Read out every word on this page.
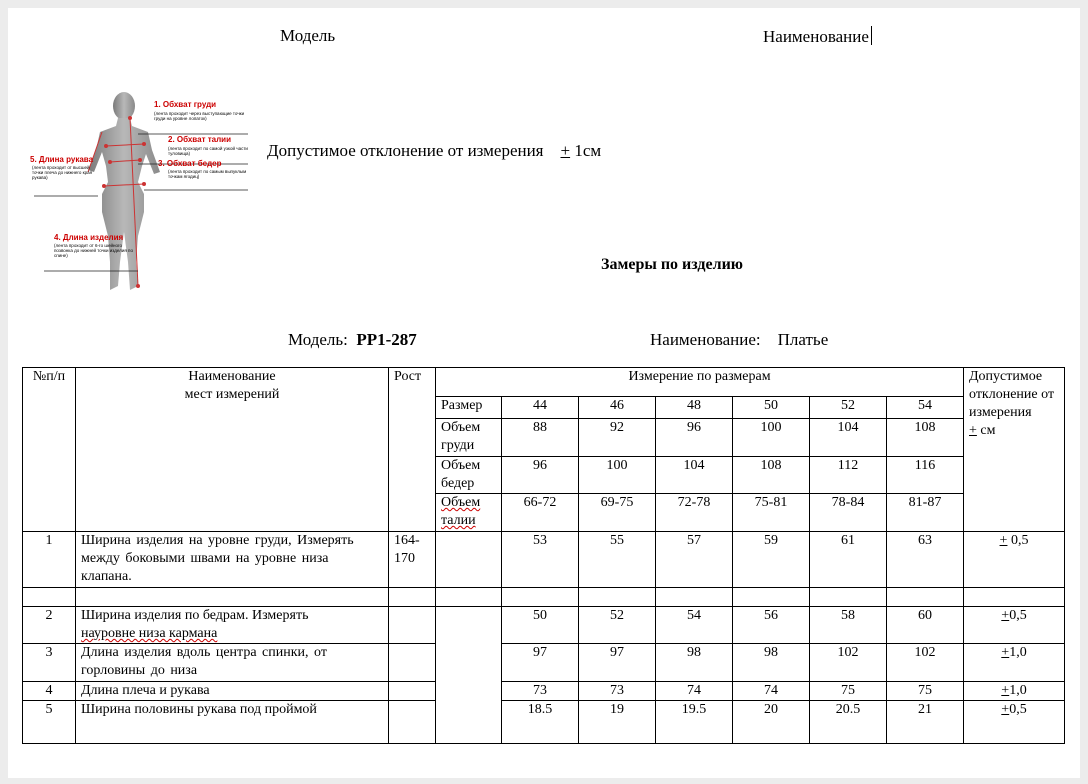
Модель	Наименование
1. Обхват груди
(лента проходит через выступающие точки груди на уровне лопаток)
2. Обхват талии
(лента проходит по самой узкой части туловища)
3. Обхват бедер
(лента проходит по самым выпуклым точкам ягодиц)
5. Длина рукава
(лента проходит от высшей точки плеча до нижнего края рукава)
4. Длина изделия
(лента проходит от 6-го шейного позвонка до нижней точки изделия по спине)
Допустимое отклонение от измерения + 1см
Замеры по изделию
Модель: PP1-287	Наименование: Платье
№п/п	Наименование мест измерений	Рост	Измерение по размерам							Допустимое отклонение от измерения
+ см
			Размер	44	46	48	50	52	54	
			Объем груди	88	92	96	100	104	108	
			Объем бедер	96	100	104	108	112	116	
			Объем
талии	66-72	69-75	72-78	75-81	78-84	81-87	
1	Ширина изделия на уровне груди, Измерять между боковыми швами на уровне низа клапана.	164-170		53	55	57	59	61	63	+ 0,5

2	Ширина изделия по бедрам. Измерять
науровне низа кармана			50	52	54	56	58	60	+0,5
3	Длина изделия вдоль центра спинки, от горловины до низа			97	97	98	98	102	102	+1,0
4	Длина плеча и рукава			73	73	74	74	75	75	+1,0
5	Ширина половины рукава под проймой			18.5	19	19.5	20	20.5	21	+0,5
